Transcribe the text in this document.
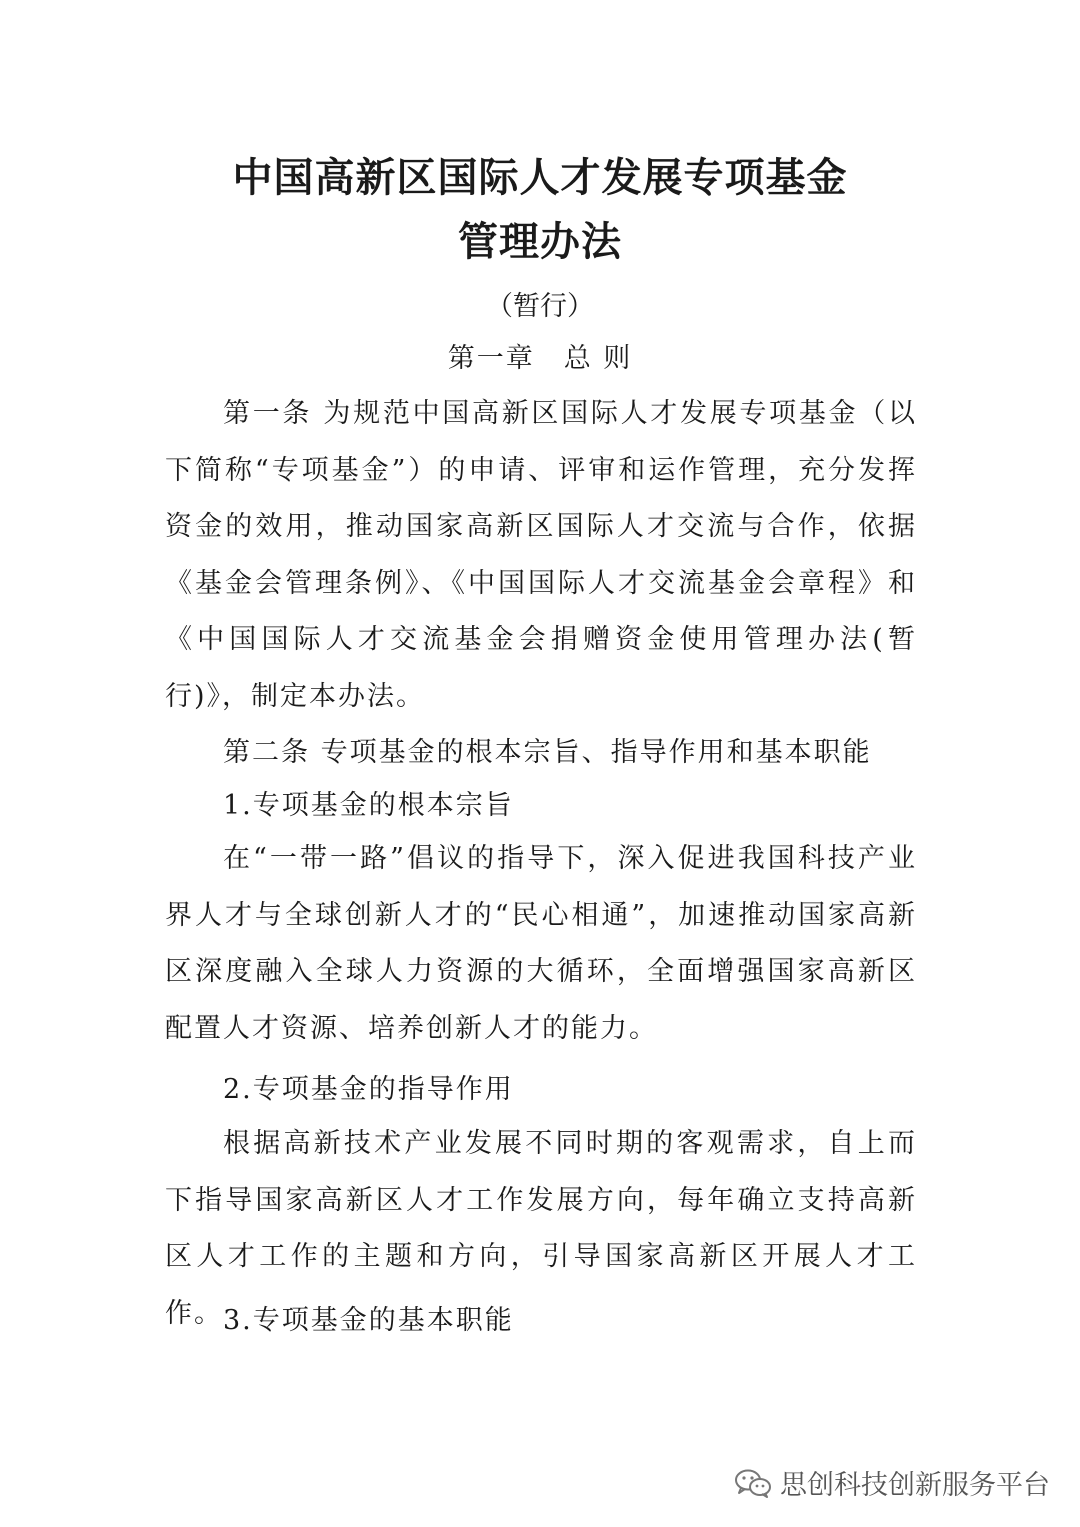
中国高新区国际人才发展专项基金
管理办法
（暂行）
第一章　总 则

第一条 为规范中国高新区国际人才发展专项基金（以下简称“专项基金”）的申请、评审和运作管理，充分发挥资金的效用，推动国家高新区国际人才交流与合作，依据《基金会管理条例》、《中国国际人才交流基金会章程》和《中国国际人才交流基金会捐赠资金使用管理办法(暂行)》，制定本办法。

第二条 专项基金的根本宗旨、指导作用和基本职能

1.专项基金的根本宗旨

在“一带一路”倡议的指导下，深入促进我国科技产业界人才与全球创新人才的“民心相通”，加速推动国家高新区深度融入全球人力资源的大循环，全面增强国家高新区配置人才资源、培养创新人才的能力。

2.专项基金的指导作用

根据高新技术产业发展不同时期的客观需求，自上而下指导国家高新区人才工作发展方向，每年确立支持高新区人才工作的主题和方向，引导国家高新区开展人才工作。 3.专项基金的基本职能

思创科技创新服务平台
